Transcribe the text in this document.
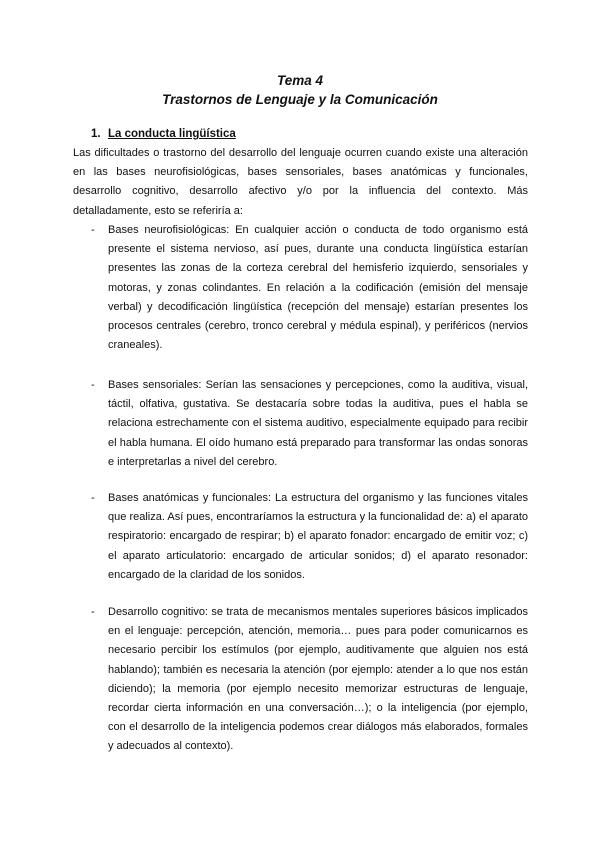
Tema 4
Trastornos de Lenguaje y la Comunicación
1. La conducta lingüística

Las dificultades o trastorno del desarrollo del lenguaje ocurren cuando existe una alteración en las bases neurofisiológicas, bases sensoriales, bases anatómicas y funcionales, desarrollo cognitivo, desarrollo afectivo y/o por la influencia del contexto. Más detalladamente, esto se referiría a:

-	Bases neurofisiológicas: En cualquier acción o conducta de todo organismo está presente el sistema nervioso, así pues, durante una conducta lingüística estarían presentes las zonas de la corteza cerebral del hemisferio izquierdo, sensoriales y motoras, y zonas colindantes. En relación a la codificación (emisión del mensaje verbal) y decodificación lingüística (recepción del mensaje) estarían presentes los procesos centrales (cerebro, tronco cerebral y médula espinal), y periféricos (nervios craneales).
-	Bases sensoriales: Serían las sensaciones y percepciones, como la auditiva, visual, táctil, olfativa, gustativa. Se destacaría sobre todas la auditiva, pues el habla se relaciona estrechamente con el sistema auditivo, especialmente equipado para recibir el habla humana. El oído humano está preparado para transformar las ondas sonoras e interpretarlas a nivel del cerebro.
-	Bases anatómicas y funcionales: La estructura del organismo y las funciones vitales que realiza. Así pues, encontraríamos la estructura y la funcionalidad de: a) el aparato respiratorio: encargado de respirar; b) el aparato fonador: encargado de emitir voz; c) el aparato articulatorio: encargado de articular sonidos; d) el aparato resonador: encargado de la claridad de los sonidos.
-	Desarrollo cognitivo: se trata de mecanismos mentales superiores básicos implicados en el lenguaje: percepción, atención, memoria… pues para poder comunicarnos es necesario percibir los estímulos (por ejemplo, auditivamente que alguien nos está hablando); también es necesaria la atención (por ejemplo: atender a lo que nos están diciendo); la memoria (por ejemplo necesito memorizar estructuras de lenguaje, recordar cierta información en una conversación…); o la inteligencia (por ejemplo, con el desarrollo de la inteligencia podemos crear diálogos más elaborados, formales y adecuados al contexto).
